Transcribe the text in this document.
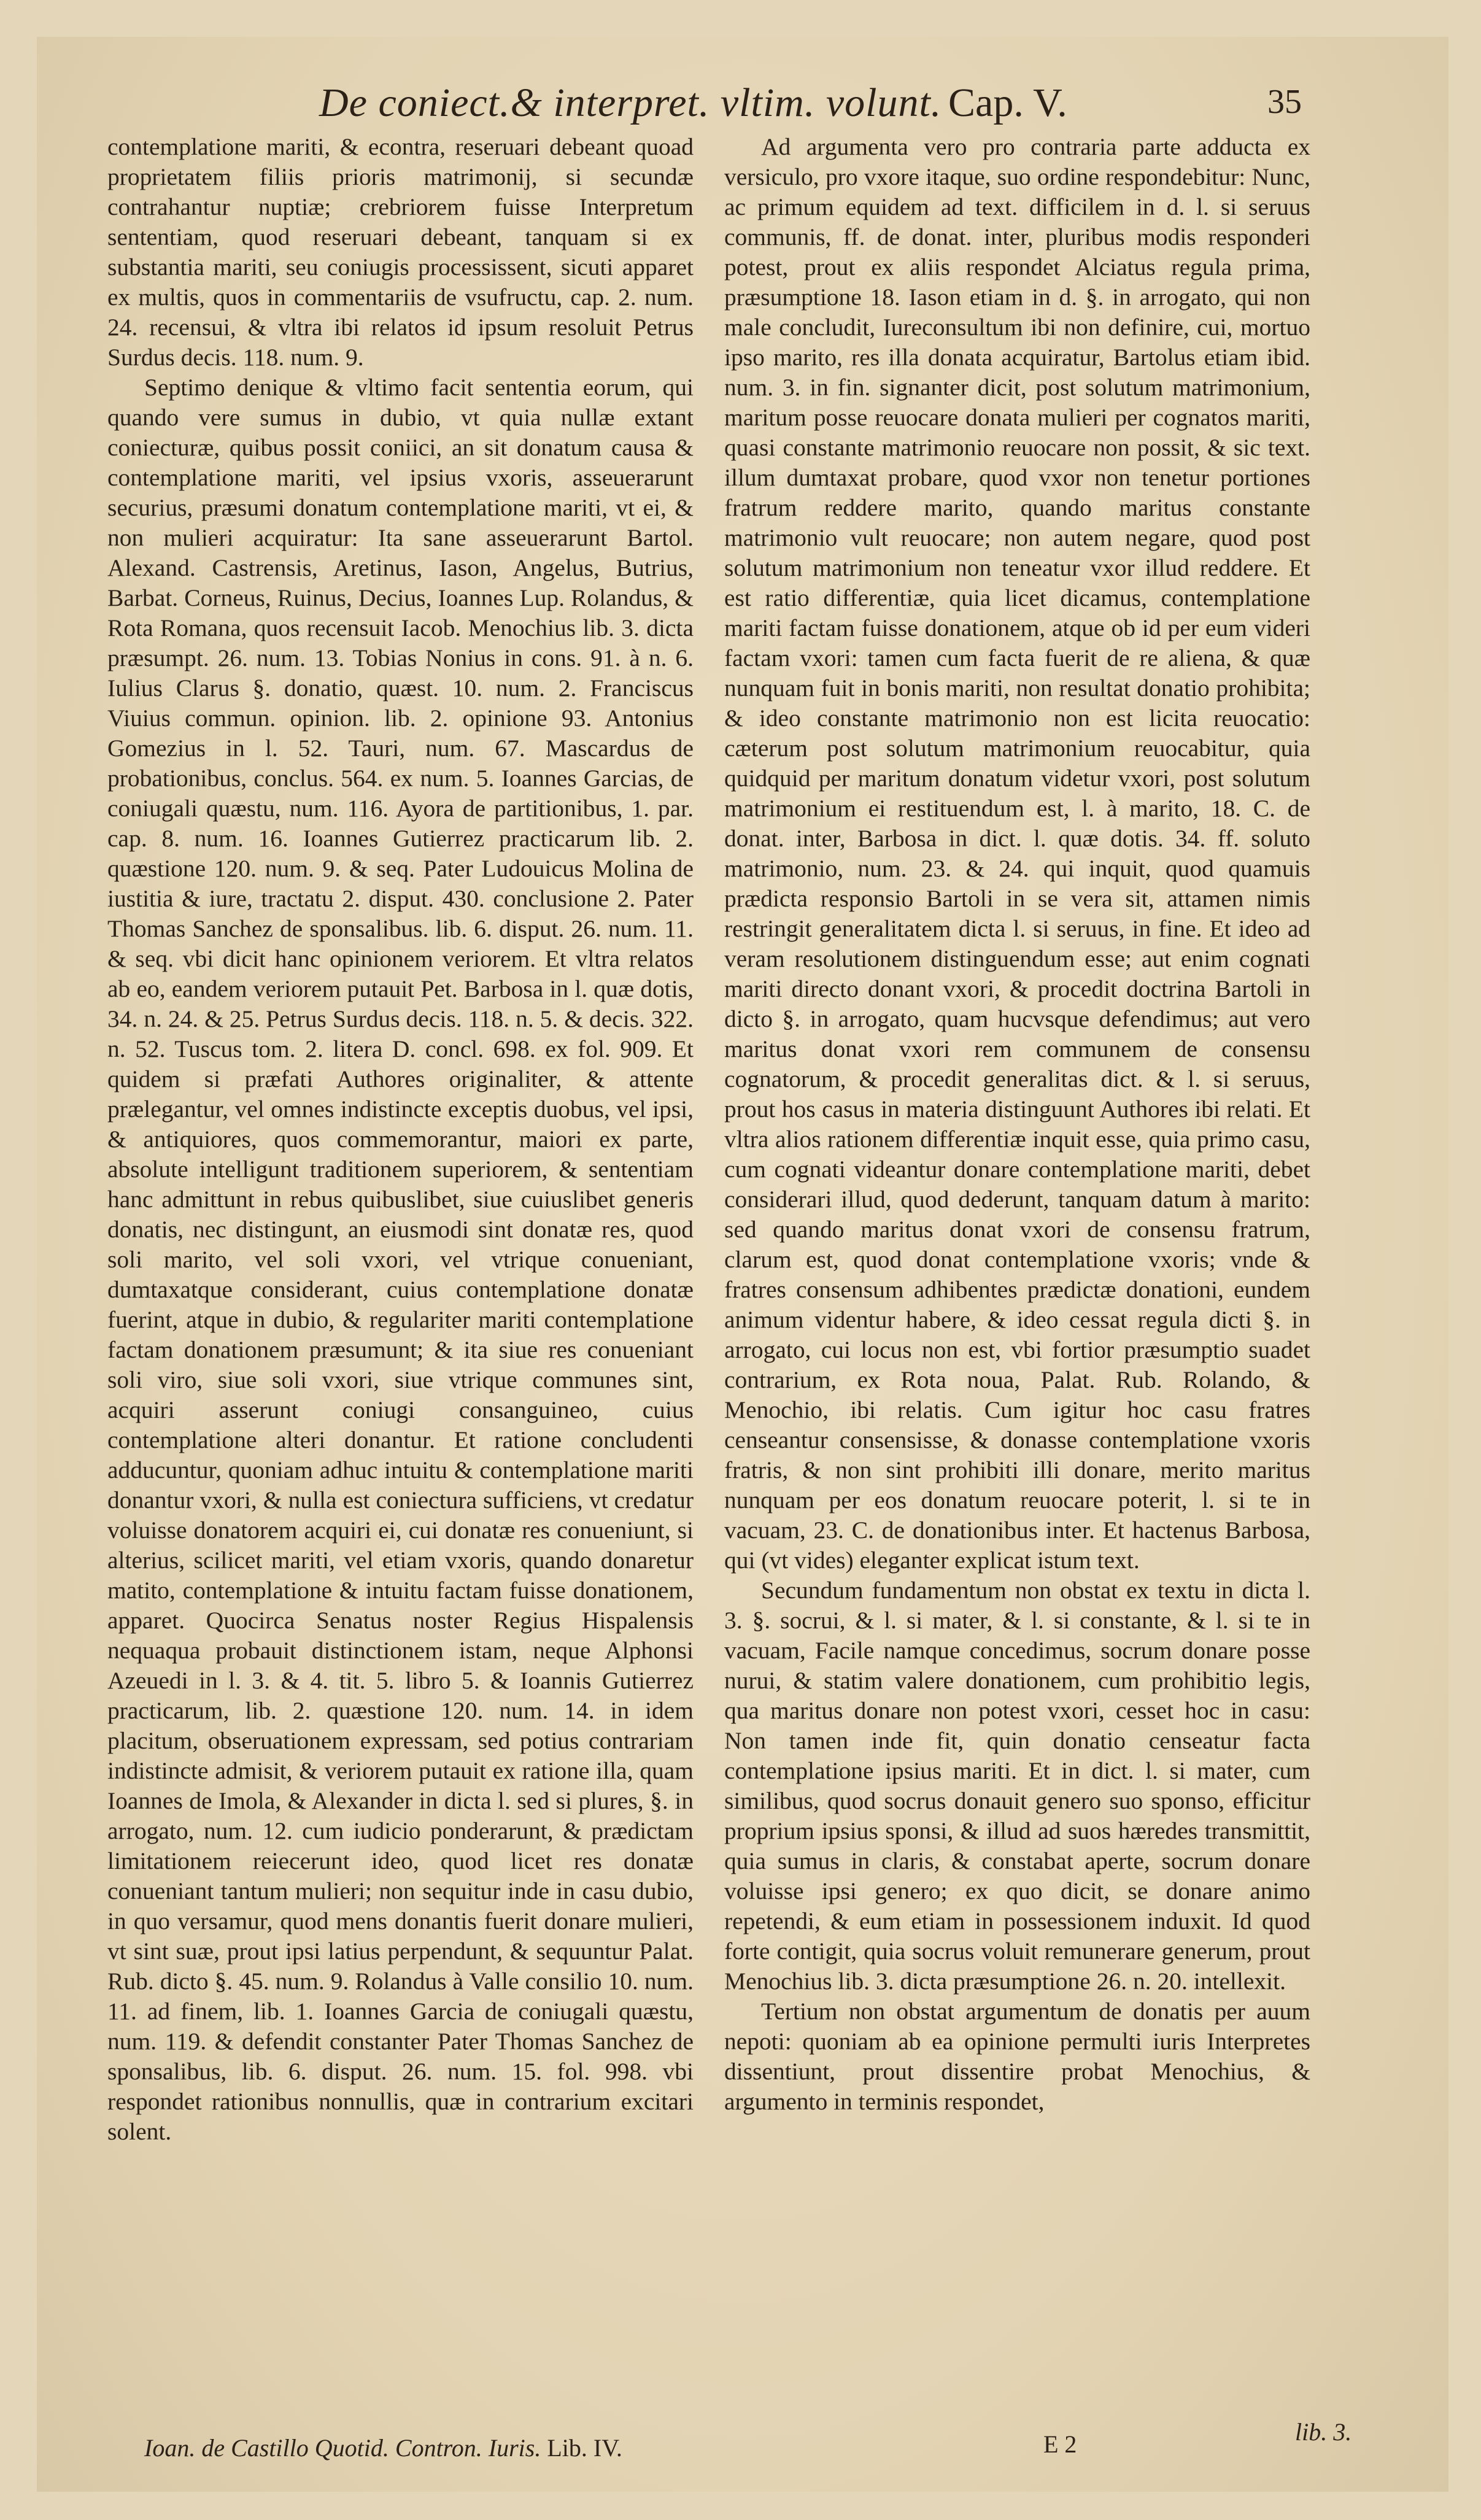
De coniect.& interpret. vltim. volunt. Cap. V.	35

contemplatione mariti, & econtra, reseruari debeant quoad proprietatem filiis prioris matrimonij, si secundæ contrahantur nuptiæ; crebriorem fuisse Interpretum sententiam, quod reseruari debeant, tanquam si ex substantia mariti, seu coniugis processissent, sicuti apparet ex multis, quos in commentariis de vsufructu, cap. 2. num. 24. recensui, & vltra ibi relatos id ipsum resoluit Petrus Surdus decis. 118. num. 9.

Septimo denique & vltimo facit sententia eorum, qui quando vere sumus in dubio, vt quia nullæ extant coniecturæ, quibus possit coniici, an sit donatum causa & contemplatione mariti, vel ipsius vxoris, asseuerarunt securius, præsumi donatum contemplatione mariti, vt ei, & non mulieri acquiratur: Ita sane asseuerarunt Bartol. Alexand. Castrensis, Aretinus, Iason, Angelus, Butrius, Barbat. Corneus, Ruinus, Decius, Ioannes Lup. Rolandus, & Rota Romana, quos recensuit Iacob. Menochius lib. 3. dicta præsumpt. 26. num. 13. Tobias Nonius in cons. 91. à n. 6. Iulius Clarus §. donatio, quæst. 10. num. 2. Franciscus Viuius commun. opinion. lib. 2. opinione 93. Antonius Gomezius in l. 52. Tauri, num. 67. Mascardus de probationibus, conclus. 564. ex num. 5. Ioannes Garcias, de coniugali quæstu, num. 116. Ayora de partitionibus, 1. par. cap. 8. num. 16. Ioannes Gutierrez practicarum lib. 2. quæstione 120. num. 9. & seq. Pater Ludouicus Molina de iustitia & iure, tractatu 2. disput. 430. conclusione 2. Pater Thomas Sanchez de sponsalibus. lib. 6. disput. 26. num. 11. & seq. vbi dicit hanc opinionem veriorem. Et vltra relatos ab eo, eandem veriorem putauit Pet. Barbosa in l. quæ dotis, 34. n. 24. & 25. Petrus Surdus decis. 118. n. 5. & decis. 322. n. 52. Tuscus tom. 2. litera D. concl. 698. ex fol. 909. Et quidem si præfati Authores originaliter, & attente prælegantur, vel omnes indistincte exceptis duobus, vel ipsi, & antiquiores, quos commemorantur, maiori ex parte, absolute intelligunt traditionem superiorem, & sententiam hanc admittunt in rebus quibuslibet, siue cuiuslibet generis donatis, nec distingunt, an eiusmodi sint donatæ res, quod soli marito, vel soli vxori, vel vtrique conueniant, dumtaxatque considerant, cuius contemplatione donatæ fuerint, atque in dubio, & regulariter mariti contemplatione factam donationem præsumunt; & ita siue res conueniant soli viro, siue soli vxori, siue vtrique communes sint, acquiri asserunt coniugi consanguineo, cuius contemplatione alteri donantur. Et ratione concludenti adducuntur, quoniam adhuc intuitu & contemplatione mariti donantur vxori, & nulla est coniectura sufficiens, vt credatur voluisse donatorem acquiri ei, cui donatæ res conueniunt, si alterius, scilicet mariti, vel etiam vxoris, quando donaretur matito, contemplatione & intuitu factam fuisse donationem, apparet. Quocirca Senatus noster Regius Hispalensis nequaqua probauit distinctionem istam, neque Alphonsi Azeuedi in l. 3. & 4. tit. 5. libro 5. & Ioannis Gutierrez practicarum, lib. 2. quæstione 120. num. 14. in idem placitum, obseruationem expressam, sed potius contrariam indistincte admisit, & veriorem putauit ex ratione illa, quam Ioannes de Imola, & Alexander in dicta l. sed si plures, §. in arrogato, num. 12. cum iudicio ponderarunt, & prædictam limitationem reiecerunt ideo, quod licet res donatæ conueniant tantum mulieri; non sequitur inde in casu dubio, in quo versamur, quod mens donantis fuerit donare mulieri, vt sint suæ, prout ipsi latius perpendunt, & sequuntur Palat. Rub. dicto §. 45. num. 9. Rolandus à Valle consilio 10. num. 11. ad finem, lib. 1. Ioannes Garcia de coniugali quæstu, num. 119. & defendit constanter Pater Thomas Sanchez de sponsalibus, lib. 6. disput. 26. num. 15. fol. 998. vbi respondet rationibus nonnullis, quæ in contrarium excitari solent.

Ad argumenta vero pro contraria parte adducta ex versiculo, pro vxore itaque, suo ordine respondebitur: Nunc, ac primum equidem ad text. difficilem in d. l. si seruus communis, ff. de donat. inter, pluribus modis responderi potest, prout ex aliis respondet Alciatus regula prima, præsumptione 18. Iason etiam in d. §. in arrogato, qui non male concludit, Iureconsultum ibi non definire, cui, mortuo ipso marito, res illa donata acquiratur, Bartolus etiam ibid. num. 3. in fin. signanter dicit, post solutum matrimonium, maritum posse reuocare donata mulieri per cognatos mariti, quasi constante matrimonio reuocare non possit, & sic text. illum dumtaxat probare, quod vxor non tenetur portiones fratrum reddere marito, quando maritus constante matrimonio vult reuocare; non autem negare, quod post solutum matrimonium non teneatur vxor illud reddere. Et est ratio differentiæ, quia licet dicamus, contemplatione mariti factam fuisse donationem, atque ob id per eum videri factam vxori: tamen cum facta fuerit de re aliena, & quæ nunquam fuit in bonis mariti, non resultat donatio prohibita; & ideo constante matrimonio non est licita reuocatio: cæterum post solutum matrimonium reuocabitur, quia quidquid per maritum donatum videtur vxori, post solutum matrimonium ei restituendum est, l. à marito, 18. C. de donat. inter, Barbosa in dict. l. quæ dotis. 34. ff. soluto matrimonio, num. 23. & 24. qui inquit, quod quamuis prædicta responsio Bartoli in se vera sit, attamen nimis restringit generalitatem dicta l. si seruus, in fine. Et ideo ad veram resolutionem distinguendum esse; aut enim cognati mariti directo donant vxori, & procedit doctrina Bartoli in dicto §. in arrogato, quam hucvsque defendimus; aut vero maritus donat vxori rem communem de consensu cognatorum, & procedit generalitas dict. & l. si seruus, prout hos casus in materia distinguunt Authores ibi relati. Et vltra alios rationem differentiæ inquit esse, quia primo casu, cum cognati videantur donare contemplatione mariti, debet considerari illud, quod dederunt, tanquam datum à marito: sed quando maritus donat vxori de consensu fratrum, clarum est, quod donat contemplatione vxoris; vnde & fratres consensum adhibentes prædictæ donationi, eundem animum videntur habere, & ideo cessat regula dicti §. in arrogato, cui locus non est, vbi fortior præsumptio suadet contrarium, ex Rota noua, Palat. Rub. Rolando, & Menochio, ibi relatis. Cum igitur hoc casu fratres censeantur consensisse, & donasse contemplatione vxoris fratris, & non sint prohibiti illi donare, merito maritus nunquam per eos donatum reuocare poterit, l. si te in vacuam, 23. C. de donationibus inter. Et hactenus Barbosa, qui (vt vides) eleganter explicat istum text.

Secundum fundamentum non obstat ex textu in dicta l. 3. §. socrui, & l. si mater, & l. si constante, & l. si te in vacuam, Facile namque concedimus, socrum donare posse nurui, & statim valere donationem, cum prohibitio legis, qua maritus donare non potest vxori, cesset hoc in casu: Non tamen inde fit, quin donatio censeatur facta contemplatione ipsius mariti. Et in dict. l. si mater, cum similibus, quod socrus donauit genero suo sponso, efficitur proprium ipsius sponsi, & illud ad suos hæredes transmittit, quia sumus in claris, & constabat aperte, socrum donare voluisse ipsi genero; ex quo dicit, se donare animo repetendi, & eum etiam in possessionem induxit. Id quod forte contigit, quia socrus voluit remunerare generum, prout Menochius lib. 3. dicta præsumptione 26. n. 20. intellexit.

Tertium non obstat argumentum de donatis per auum nepoti: quoniam ab ea opinione permulti iuris Interpretes dissentiunt, prout dissentire probat Menochius, & argumento in terminis respondet,

Ioan. de Castillo Quotid. Contron. Iuris. Lib. IV.	E 2	lib. 3.
